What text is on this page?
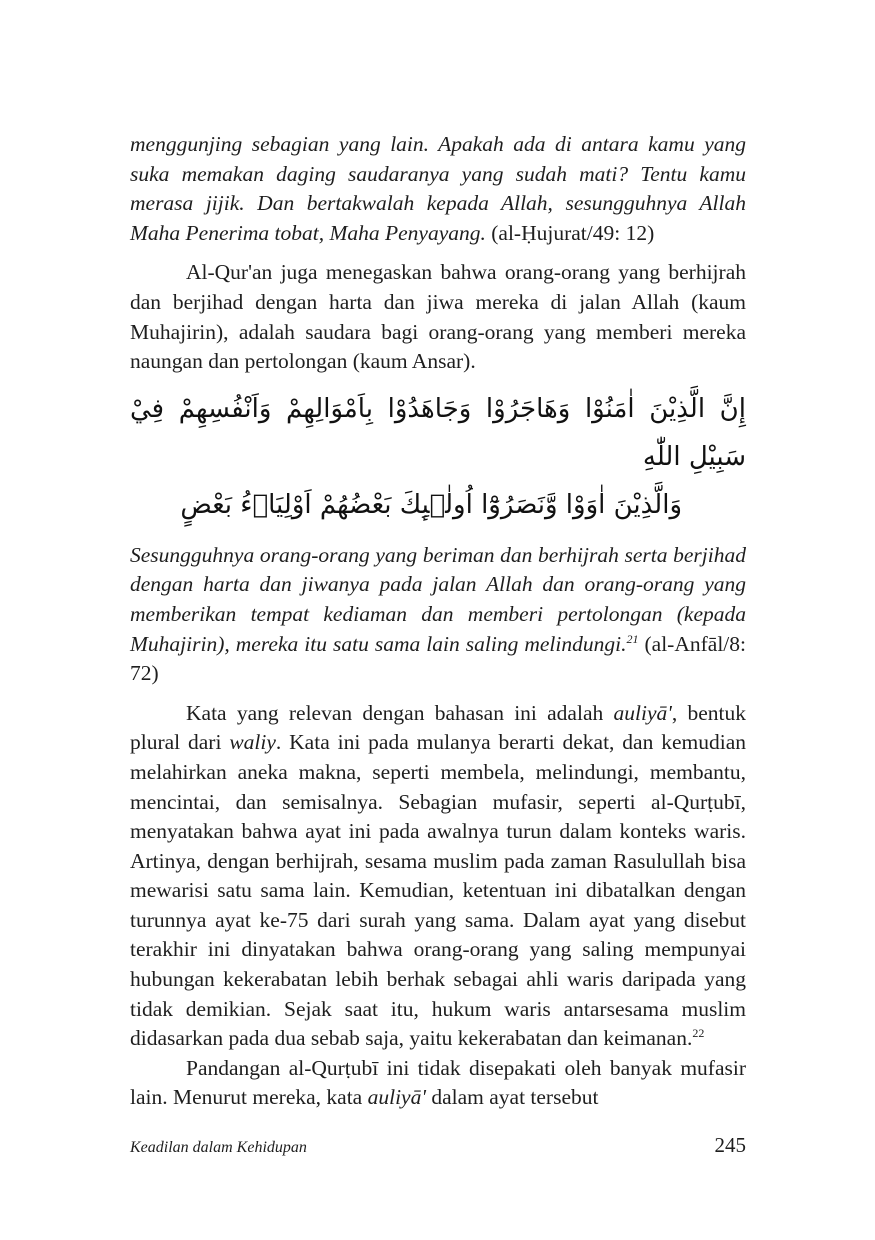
menggunjing sebagian yang lain. Apakah ada di antara kamu yang suka memakan daging saudaranya yang sudah mati? Tentu kamu merasa jijik. Dan bertakwalah kepada Allah, sesungguhnya Allah Maha Penerima tobat, Maha Penyayang. (al-Ḥujurat/49: 12)

Al-Qur'an juga menegaskan bahwa orang-orang yang berhijrah dan berjihad dengan harta dan jiwa mereka di jalan Allah (kaum Muhajirin), adalah saudara bagi orang-orang yang memberi mereka naungan dan pertolongan (kaum Ansar).

إِنَّ الَّذِيْنَ اٰمَنُوْا وَهَاجَرُوْا وَجَاهَدُوْا بِاَمْوَالِهِمْ وَاَنْفُسِهِمْ فِيْ سَبِيْلِ اللّٰهِ
وَالَّذِيْنَ اٰوَوْا وَّنَصَرُوْٓا اُولٰۤىِٕكَ بَعْضُهُمْ اَوْلِيَاۤءُ بَعْضٍ

Sesungguhnya orang-orang yang beriman dan berhijrah serta berjihad dengan harta dan jiwanya pada jalan Allah dan orang-orang yang memberikan tempat kediaman dan memberi pertolongan (kepada Muhajirin), mereka itu satu sama lain saling melindungi.$^{21}$ (al-Anfāl/8: 72)

Kata yang relevan dengan bahasan ini adalah auliyā', bentuk plural dari waliy. Kata ini pada mulanya berarti dekat, dan kemudian melahirkan aneka makna, seperti membela, melindungi, membantu, mencintai, dan semisalnya. Sebagian mufasir, seperti al-Qurṭubī, menyatakan bahwa ayat ini pada awalnya turun dalam konteks waris. Artinya, dengan berhijrah, sesama muslim pada zaman Rasulullah bisa mewarisi satu sama lain. Kemudian, ketentuan ini dibatalkan dengan turunnya ayat ke-75 dari surah yang sama. Dalam ayat yang disebut terakhir ini dinyatakan bahwa orang-orang yang saling mempunyai hubungan kekerabatan lebih berhak sebagai ahli waris daripada yang tidak demikian. Sejak saat itu, hukum waris antarsesama muslim didasarkan pada dua sebab saja, yaitu kekerabatan dan keimanan.$^{22}$

Pandangan al-Qurṭubī ini tidak disepakati oleh banyak mufasir lain. Menurut mereka, kata auliyā' dalam ayat tersebut

Keadilan dalam Kehidupan	245
